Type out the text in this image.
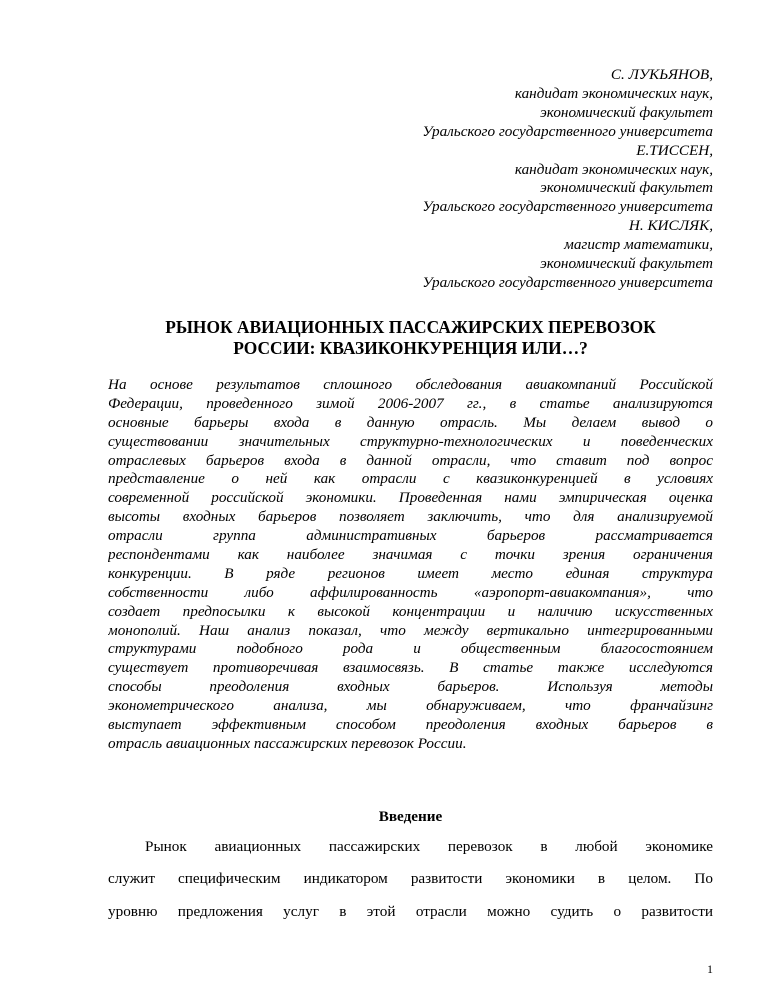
С. ЛУКЬЯНОВ,
кандидат экономических наук,
экономический факультет
Уральского государственного университета
Е.ТИССЕН,
кандидат экономических наук,
экономический факультет
Уральского государственного университета
Н. КИСЛЯК,
магистр математики,
экономический факультет
Уральского государственного университета
РЫНОК АВИАЦИОННЫХ ПАССАЖИРСКИХ ПЕРЕВОЗОК
РОССИИ: КВАЗИКОНКУРЕНЦИЯ ИЛИ…?
На основе результатов сплошного обследования авиакомпаний Российской
Федерации, проведенного зимой 2006-2007 гг., в статье анализируются
основные барьеры входа в данную отрасль. Мы делаем вывод о
существовании значительных структурно-технологических и поведенческих
отраслевых барьеров входа в данной отрасли, что ставит под вопрос
представление о ней как отрасли с квазиконкуренцией в условиях
современной российской экономики. Проведенная нами эмпирическая оценка
высоты входных барьеров позволяет заключить, что для анализируемой
отрасли группа административных барьеров рассматривается
респондентами как наиболее значимая с точки зрения ограничения
конкуренции. В ряде регионов имеет место единая структура
собственности либо аффилированность «аэропорт-авиакомпания», что
создает предпосылки к высокой концентрации и наличию искусственных
монополий. Наш анализ показал, что между вертикально интегрированными
структурами подобного рода и общественным благосостоянием
существует противоречивая взаимосвязь. В статье также исследуются
способы преодоления входных барьеров. Используя методы
эконометрического анализа, мы обнаруживаем, что франчайзинг
выступает эффективным способом преодоления входных барьеров в
отрасль авиационных пассажирских перевозок России.
Введение
Рынок авиационных пассажирских перевозок в любой экономике
служит специфическим индикатором развитости экономики в целом. По
уровню предложения услуг в этой отрасли можно судить о развитости
1
